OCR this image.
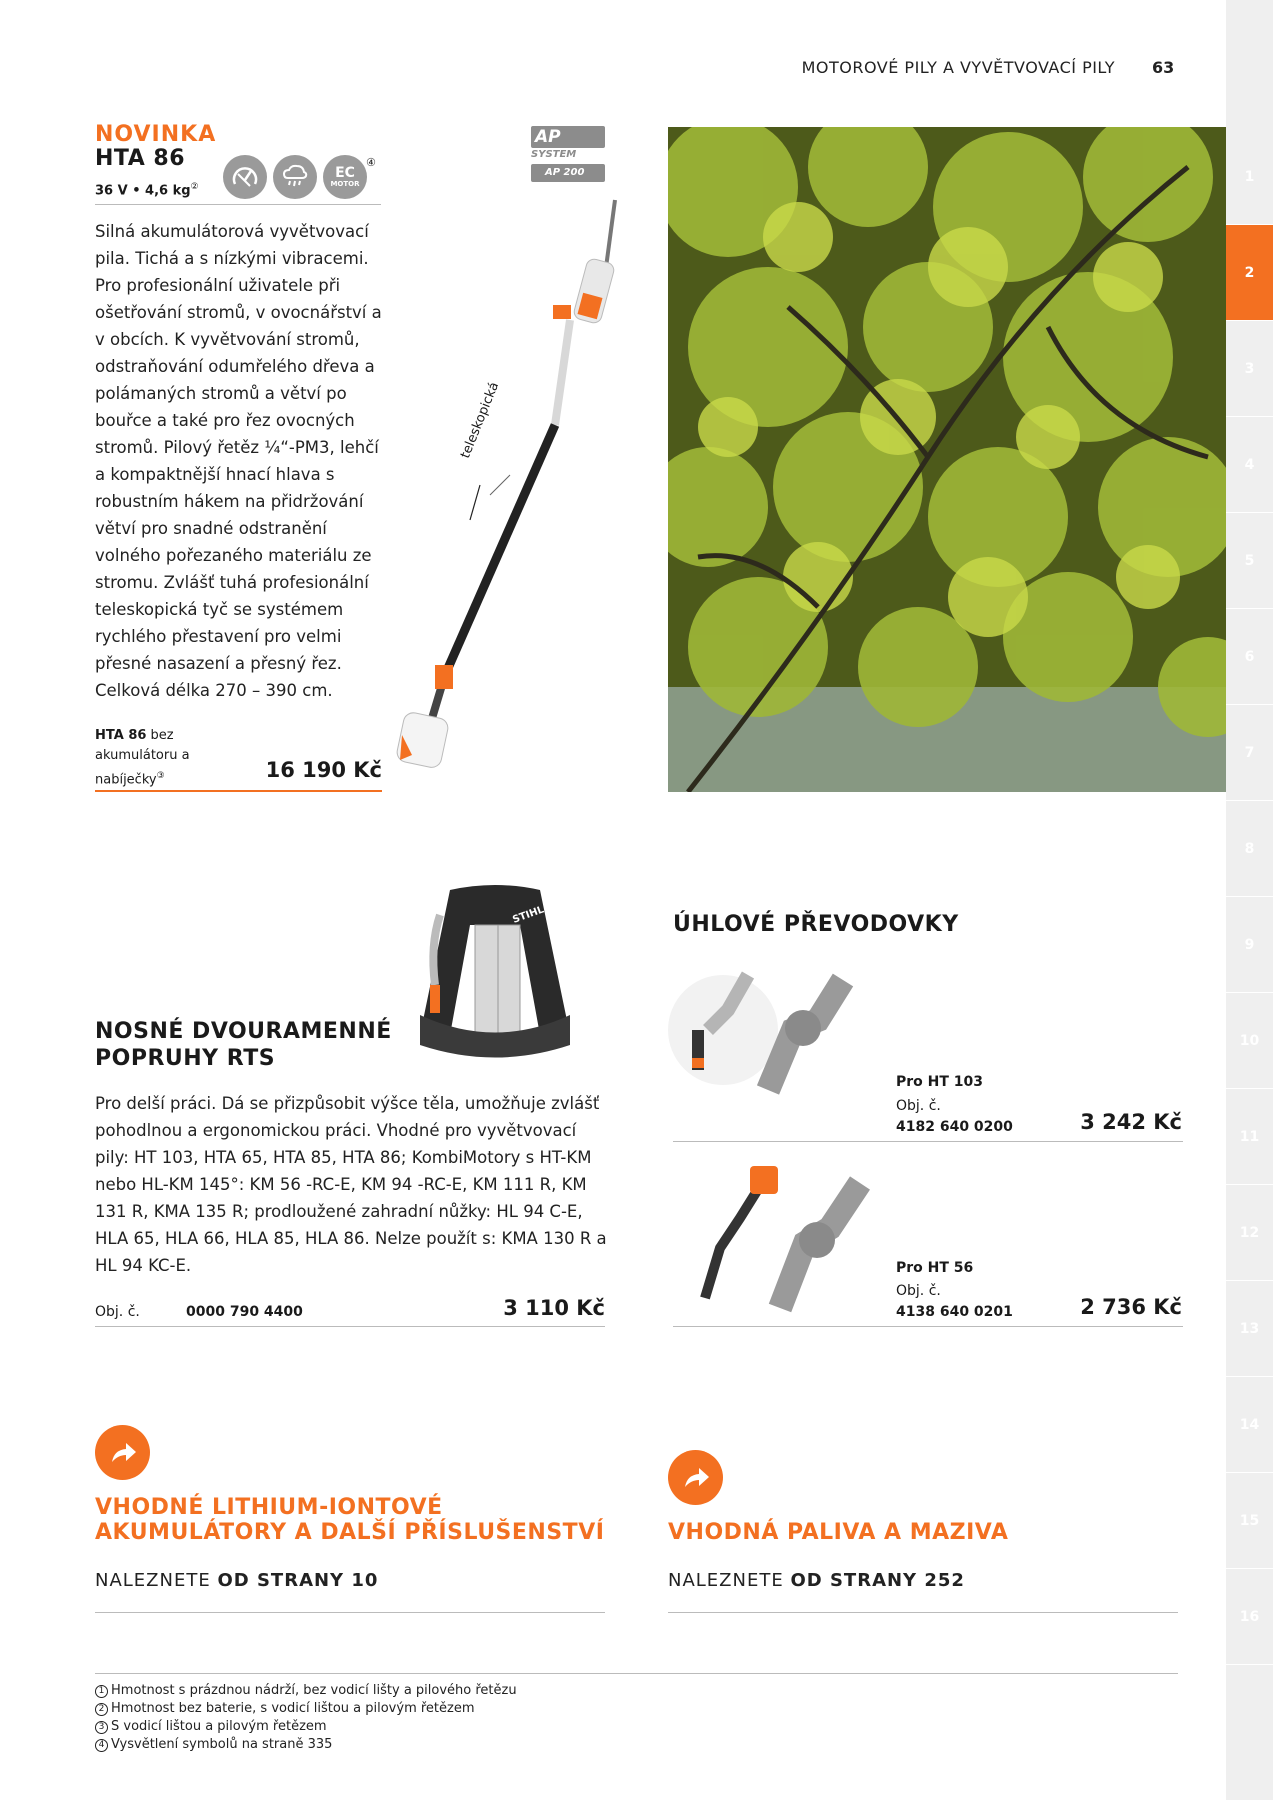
MOTOROVÉ PILY A VYVĚTVOVACÍ PILY 63
1
2
3
4
5
6
7
8
9
10
11
12
13
14
15
16
NOVINKA
HTA 86
36 V • 4,6 kg②
EC
MOTOR
④
Silná akumulátorová vyvětvovací pila. Tichá a s nízkými vibracemi. Pro profesionální uživatele při ošetřování stromů, v ovocnářství a v obcích. K vyvětvování stromů, odstraňování odumřelého dřeva a polámaných stromů a větví po bouřce a také pro řez ovocných stromů. Pilový řetěz ¼“-PM3, lehčí a kompaktnější hnací hlava s robustním hákem na přidržování větví pro snadné odstranění volného pořezaného materiálu ze stromu. Zvlášť tuhá profesionální teleskopická tyč se systémem rychlého přestavení pro velmi přesné nasazení a přesný řez. Celková délka 270 – 390 cm.
HTA 86 bez akumulátoru a nabíječky③	16 190 Kč
AP
SYSTEM
AP 200
teleskopická
STIHL
NOSNÉ DVOURAMENNÉ
POPRUHY RTS
Pro delší práci. Dá se přizpůsobit výšce těla, umožňuje zvlášť pohodlnou a ergonomickou práci. Vhodné pro vyvětvovací pily: HT 103, HTA 65, HTA 85, HTA 86; KombiMotory s HT-KM nebo HL-KM 145°: KM 56 -RC-E, KM 94 -RC-E, KM 111 R, KM 131 R, KMA 135 R; prodloužené zahradní nůžky: HL 94 C-E, HLA 65, HLA 66, HLA 85, HLA 86. Nelze použít s: KMA 130 R a HL 94 KC-E.
Obj. č.	0000 790 4400	3 110 Kč
ÚHLOVÉ PŘEVODOVKY
Pro HT 103
Obj. č.
4182 640 0200	3 242 Kč
Pro HT 56
Obj. č.
4138 640 0201	2 736 Kč
VHODNÉ LITHIUM-IONTOVÉ
AKUMULÁTORY A DALŠÍ PŘÍSLUŠENSTVÍ
NALEZNETE OD STRANY 10
VHODNÁ PALIVA A MAZIVA
NALEZNETE OD STRANY 252
1 Hmotnost s prázdnou nádrží, bez vodicí lišty a pilového řetězu
2 Hmotnost bez baterie, s vodicí lištou a pilovým řetězem
3 S vodicí lištou a pilovým řetězem
4 Vysvětlení symbolů na straně 335
